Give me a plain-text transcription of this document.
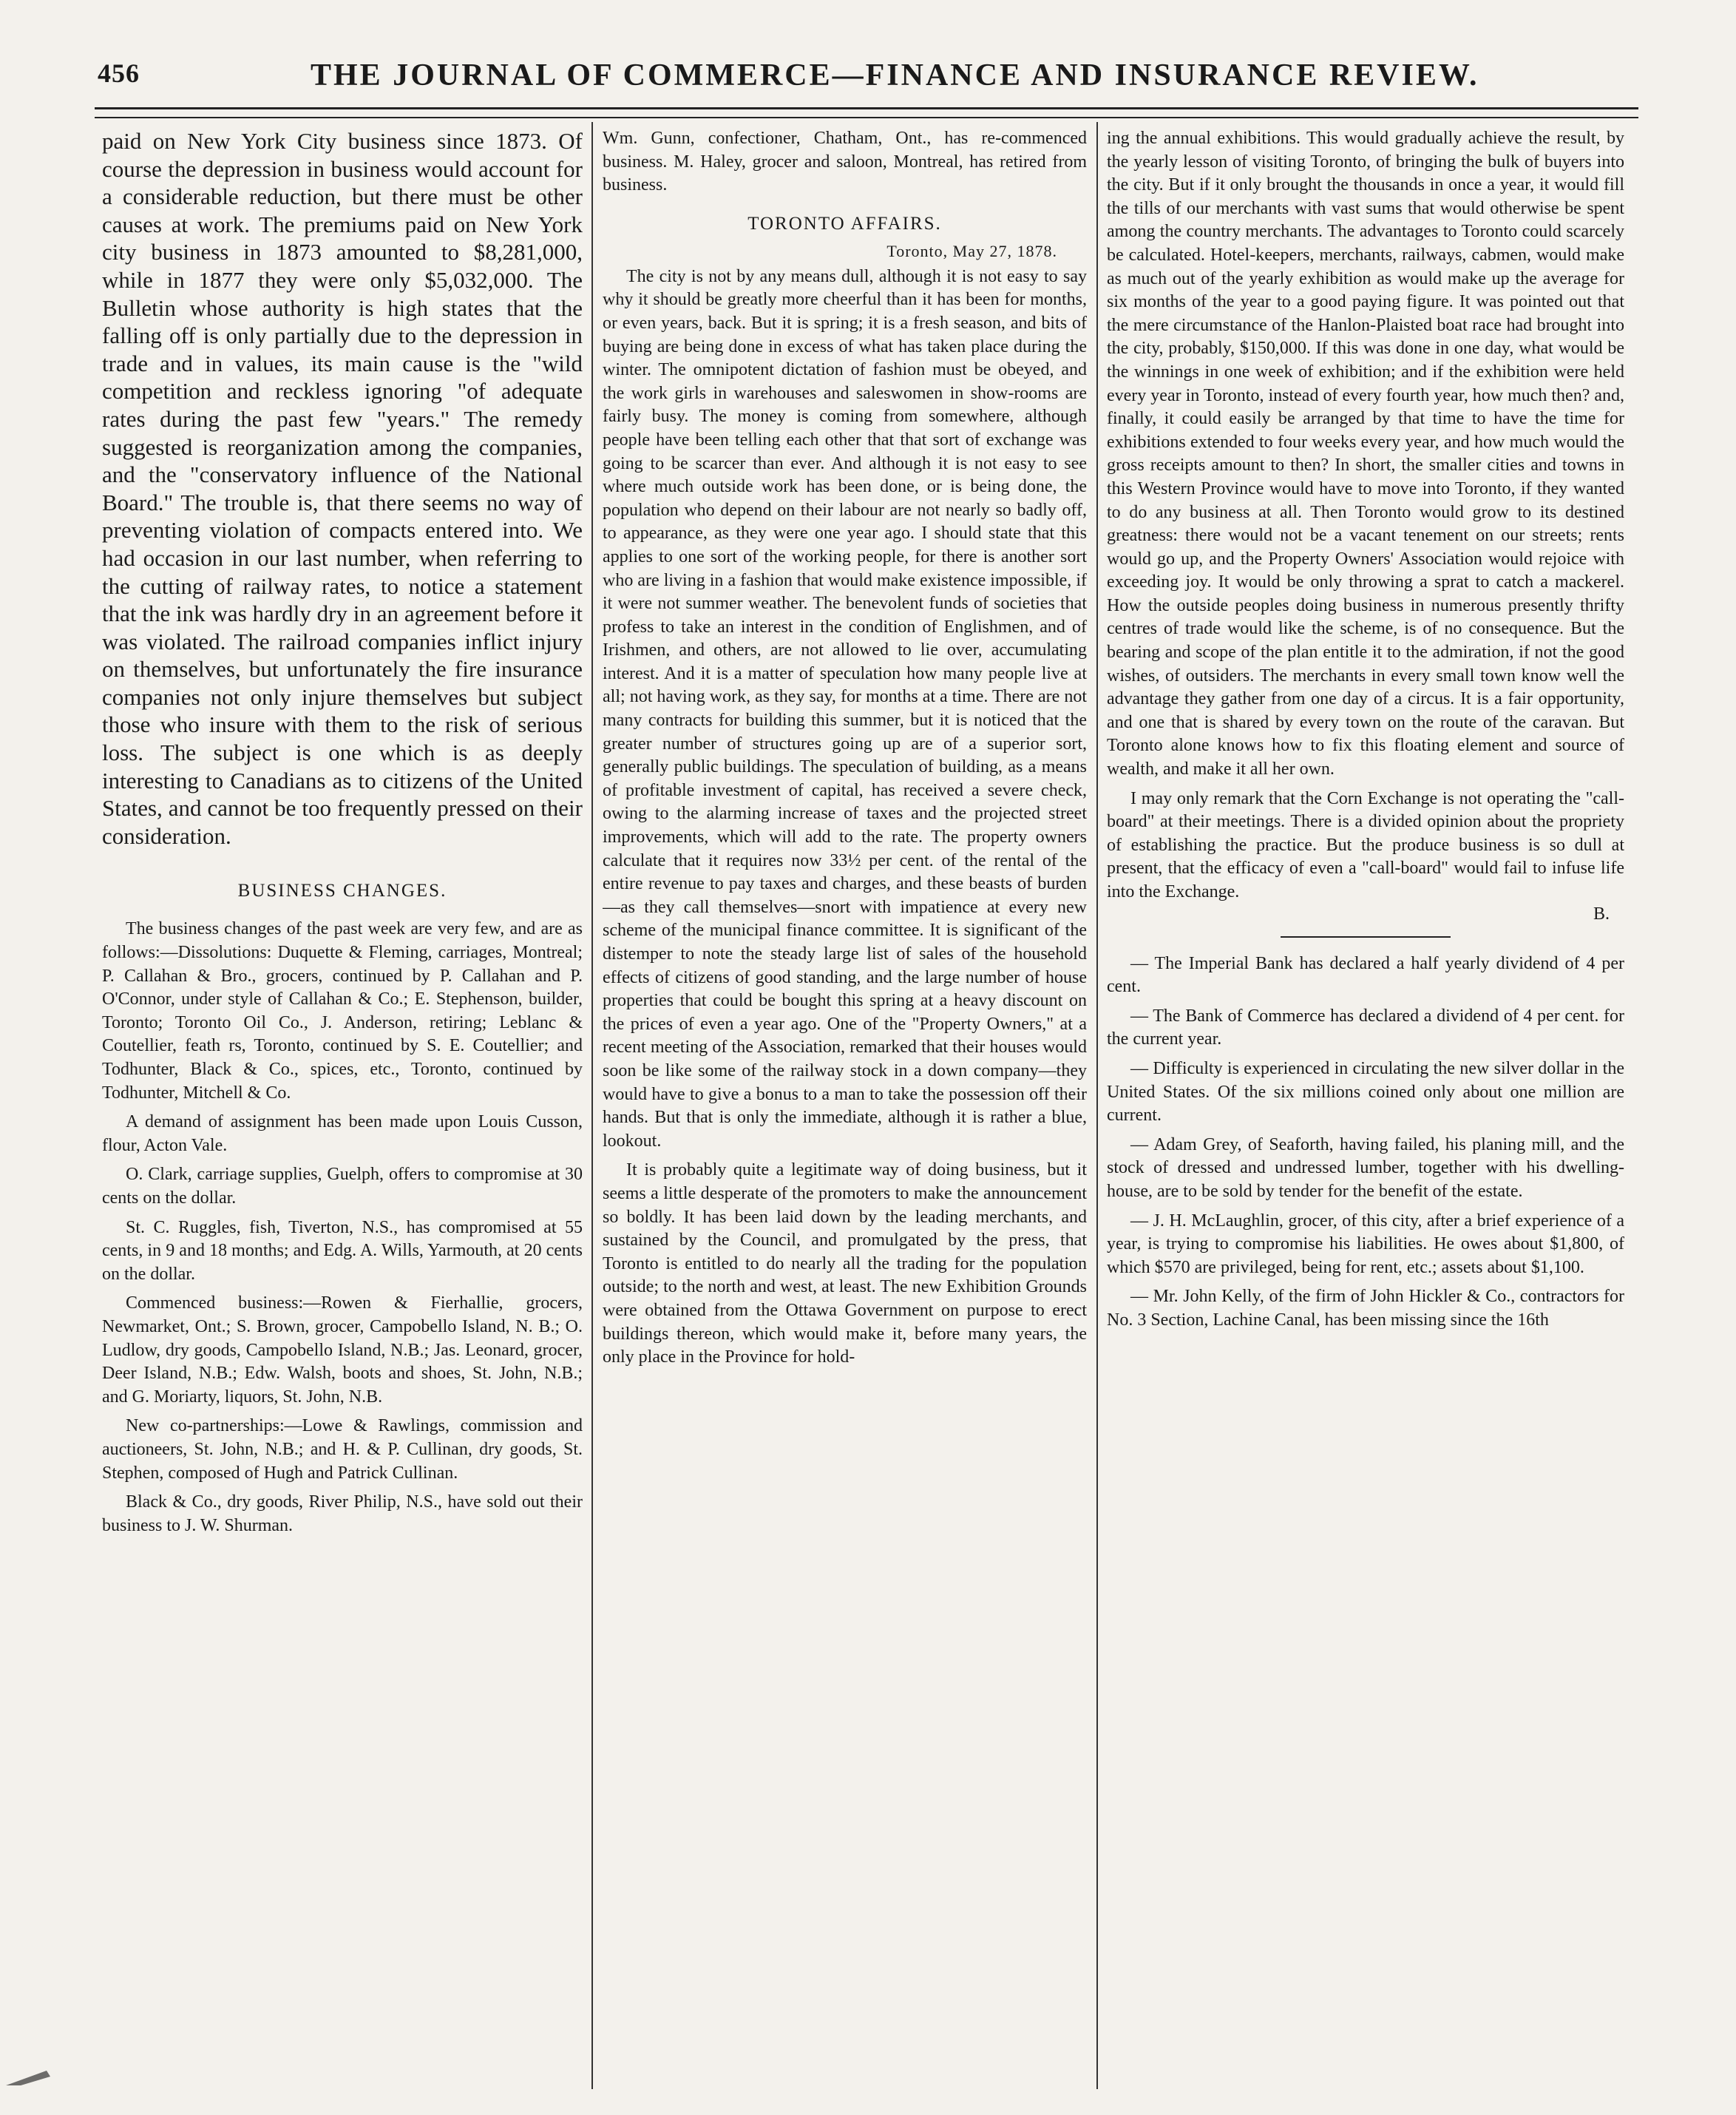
456	THE JOURNAL OF COMMERCE—FINANCE AND INSURANCE REVIEW.

paid on New York City business since 1873. Of course the depression in business would account for a considerable reduction, but there must be other causes at work. The premiums paid on New York city business in 1873 amounted to $8,281,000, while in 1877 they were only $5,032,000. The Bulletin whose authority is high states that the falling off is only partially due to the depression in trade and in values, its main cause is the "wild competition and reckless ignoring "of adequate rates during the past few "years." The remedy suggested is reorganization among the companies, and the "conservatory influence of the National Board." The trouble is, that there seems no way of preventing violation of compacts entered into. We had occasion in our last number, when referring to the cutting of railway rates, to notice a statement that the ink was hardly dry in an agreement before it was violated. The railroad companies inflict injury on themselves, but unfortunately the fire insurance companies not only injure themselves but subject those who insure with them to the risk of serious loss. The subject is one which is as deeply interesting to Canadians as to citizens of the United States, and cannot be too frequently pressed on their consideration.

BUSINESS CHANGES.

The business changes of the past week are very few, and are as follows:—Dissolutions: Duquette & Fleming, carriages, Montreal; P. Callahan & Bro., grocers, continued by P. Callahan and P. O'Connor, under style of Callahan & Co.; E. Stephenson, builder, Toronto; Toronto Oil Co., J. Anderson, retiring; Leblanc & Coutellier, feath rs, Toronto, continued by S. E. Coutellier; and Todhunter, Black & Co., spices, etc., Toronto, continued by Todhunter, Mitchell & Co.

A demand of assignment has been made upon Louis Cusson, flour, Acton Vale.

O. Clark, carriage supplies, Guelph, offers to compromise at 30 cents on the dollar.

St. C. Ruggles, fish, Tiverton, N.S., has compromised at 55 cents, in 9 and 18 months; and Edg. A. Wills, Yarmouth, at 20 cents on the dollar.

Commenced business:—Rowen & Fierhallie, grocers, Newmarket, Ont.; S. Brown, grocer, Campobello Island, N. B.; O. Ludlow, dry goods, Campobello Island, N.B.; Jas. Leonard, grocer, Deer Island, N.B.; Edw. Walsh, boots and shoes, St. John, N.B.; and G. Moriarty, liquors, St. John, N.B.

New co-partnerships:—Lowe & Rawlings, commission and auctioneers, St. John, N.B.; and H. & P. Cullinan, dry goods, St. Stephen, composed of Hugh and Patrick Cullinan.

Black & Co., dry goods, River Philip, N.S., have sold out their business to J. W. Shurman.

Wm. Gunn, confectioner, Chatham, Ont., has re-commenced business. M. Haley, grocer and saloon, Montreal, has retired from business.

TORONTO AFFAIRS.
Toronto, May 27, 1878.

The city is not by any means dull, although it is not easy to say why it should be greatly more cheerful than it has been for months, or even years, back. But it is spring; it is a fresh season, and bits of buying are being done in excess of what has taken place during the winter. The omnipotent dictation of fashion must be obeyed, and the work girls in warehouses and saleswomen in show-rooms are fairly busy. The money is coming from somewhere, although people have been telling each other that that sort of exchange was going to be scarcer than ever. And although it is not easy to see where much outside work has been done, or is being done, the population who depend on their labour are not nearly so badly off, to appearance, as they were one year ago. I should state that this applies to one sort of the working people, for there is another sort who are living in a fashion that would make existence impossible, if it were not summer weather. The benevolent funds of societies that profess to take an interest in the condition of Englishmen, and of Irishmen, and others, are not allowed to lie over, accumulating interest. And it is a matter of speculation how many people live at all; not having work, as they say, for months at a time. There are not many contracts for building this summer, but it is noticed that the greater number of structures going up are of a superior sort, generally public buildings. The speculation of building, as a means of profitable investment of capital, has received a severe check, owing to the alarming increase of taxes and the projected street improvements, which will add to the rate. The property owners calculate that it requires now 33½ per cent. of the rental of the entire revenue to pay taxes and charges, and these beasts of burden —as they call themselves—snort with impatience at every new scheme of the municipal finance committee. It is significant of the distemper to note the steady large list of sales of the household effects of citizens of good standing, and the large number of house properties that could be bought this spring at a heavy discount on the prices of even a year ago. One of the "Property Owners," at a recent meeting of the Association, remarked that their houses would soon be like some of the railway stock in a down company—they would have to give a bonus to a man to take the possession off their hands. But that is only the immediate, although it is rather a blue, lookout.

It is probably quite a legitimate way of doing business, but it seems a little desperate of the promoters to make the announcement so boldly. It has been laid down by the leading merchants, and sustained by the Council, and promulgated by the press, that Toronto is entitled to do nearly all the trading for the population outside; to the north and west, at least. The new Exhibition Grounds were obtained from the Ottawa Government on purpose to erect buildings thereon, which would make it, before many years, the only place in the Province for hold-

ing the annual exhibitions. This would gradually achieve the result, by the yearly lesson of visiting Toronto, of bringing the bulk of buyers into the city. But if it only brought the thousands in once a year, it would fill the tills of our merchants with vast sums that would otherwise be spent among the country merchants. The advantages to Toronto could scarcely be calculated. Hotel-keepers, merchants, railways, cabmen, would make as much out of the yearly exhibition as would make up the average for six months of the year to a good paying figure. It was pointed out that the mere circumstance of the Hanlon-Plaisted boat race had brought into the city, probably, $150,000. If this was done in one day, what would be the winnings in one week of exhibition; and if the exhibition were held every year in Toronto, instead of every fourth year, how much then? and, finally, it could easily be arranged by that time to have the time for exhibitions extended to four weeks every year, and how much would the gross receipts amount to then? In short, the smaller cities and towns in this Western Province would have to move into Toronto, if they wanted to do any business at all. Then Toronto would grow to its destined greatness: there would not be a vacant tenement on our streets; rents would go up, and the Property Owners' Association would rejoice with exceeding joy. It would be only throwing a sprat to catch a mackerel. How the outside peoples doing business in numerous presently thrifty centres of trade would like the scheme, is of no consequence. But the bearing and scope of the plan entitle it to the admiration, if not the good wishes, of outsiders. The merchants in every small town know well the advantage they gather from one day of a circus. It is a fair opportunity, and one that is shared by every town on the route of the caravan. But Toronto alone knows how to fix this floating element and source of wealth, and make it all her own.

I may only remark that the Corn Exchange is not operating the "call-board" at their meetings. There is a divided opinion about the propriety of establishing the practice. But the produce business is so dull at present, that the efficacy of even a "call-board" would fail to infuse life into the Exchange.

B.

— The Imperial Bank has declared a half yearly dividend of 4 per cent.

— The Bank of Commerce has declared a dividend of 4 per cent. for the current year.

— Difficulty is experienced in circulating the new silver dollar in the United States. Of the six millions coined only about one million are current.

— Adam Grey, of Seaforth, having failed, his planing mill, and the stock of dressed and undressed lumber, together with his dwelling-house, are to be sold by tender for the benefit of the estate.

— J. H. McLaughlin, grocer, of this city, after a brief experience of a year, is trying to compromise his liabilities. He owes about $1,800, of which $570 are privileged, being for rent, etc.; assets about $1,100.

— Mr. John Kelly, of the firm of John Hickler & Co., contractors for No. 3 Section, Lachine Canal, has been missing since the 16th
